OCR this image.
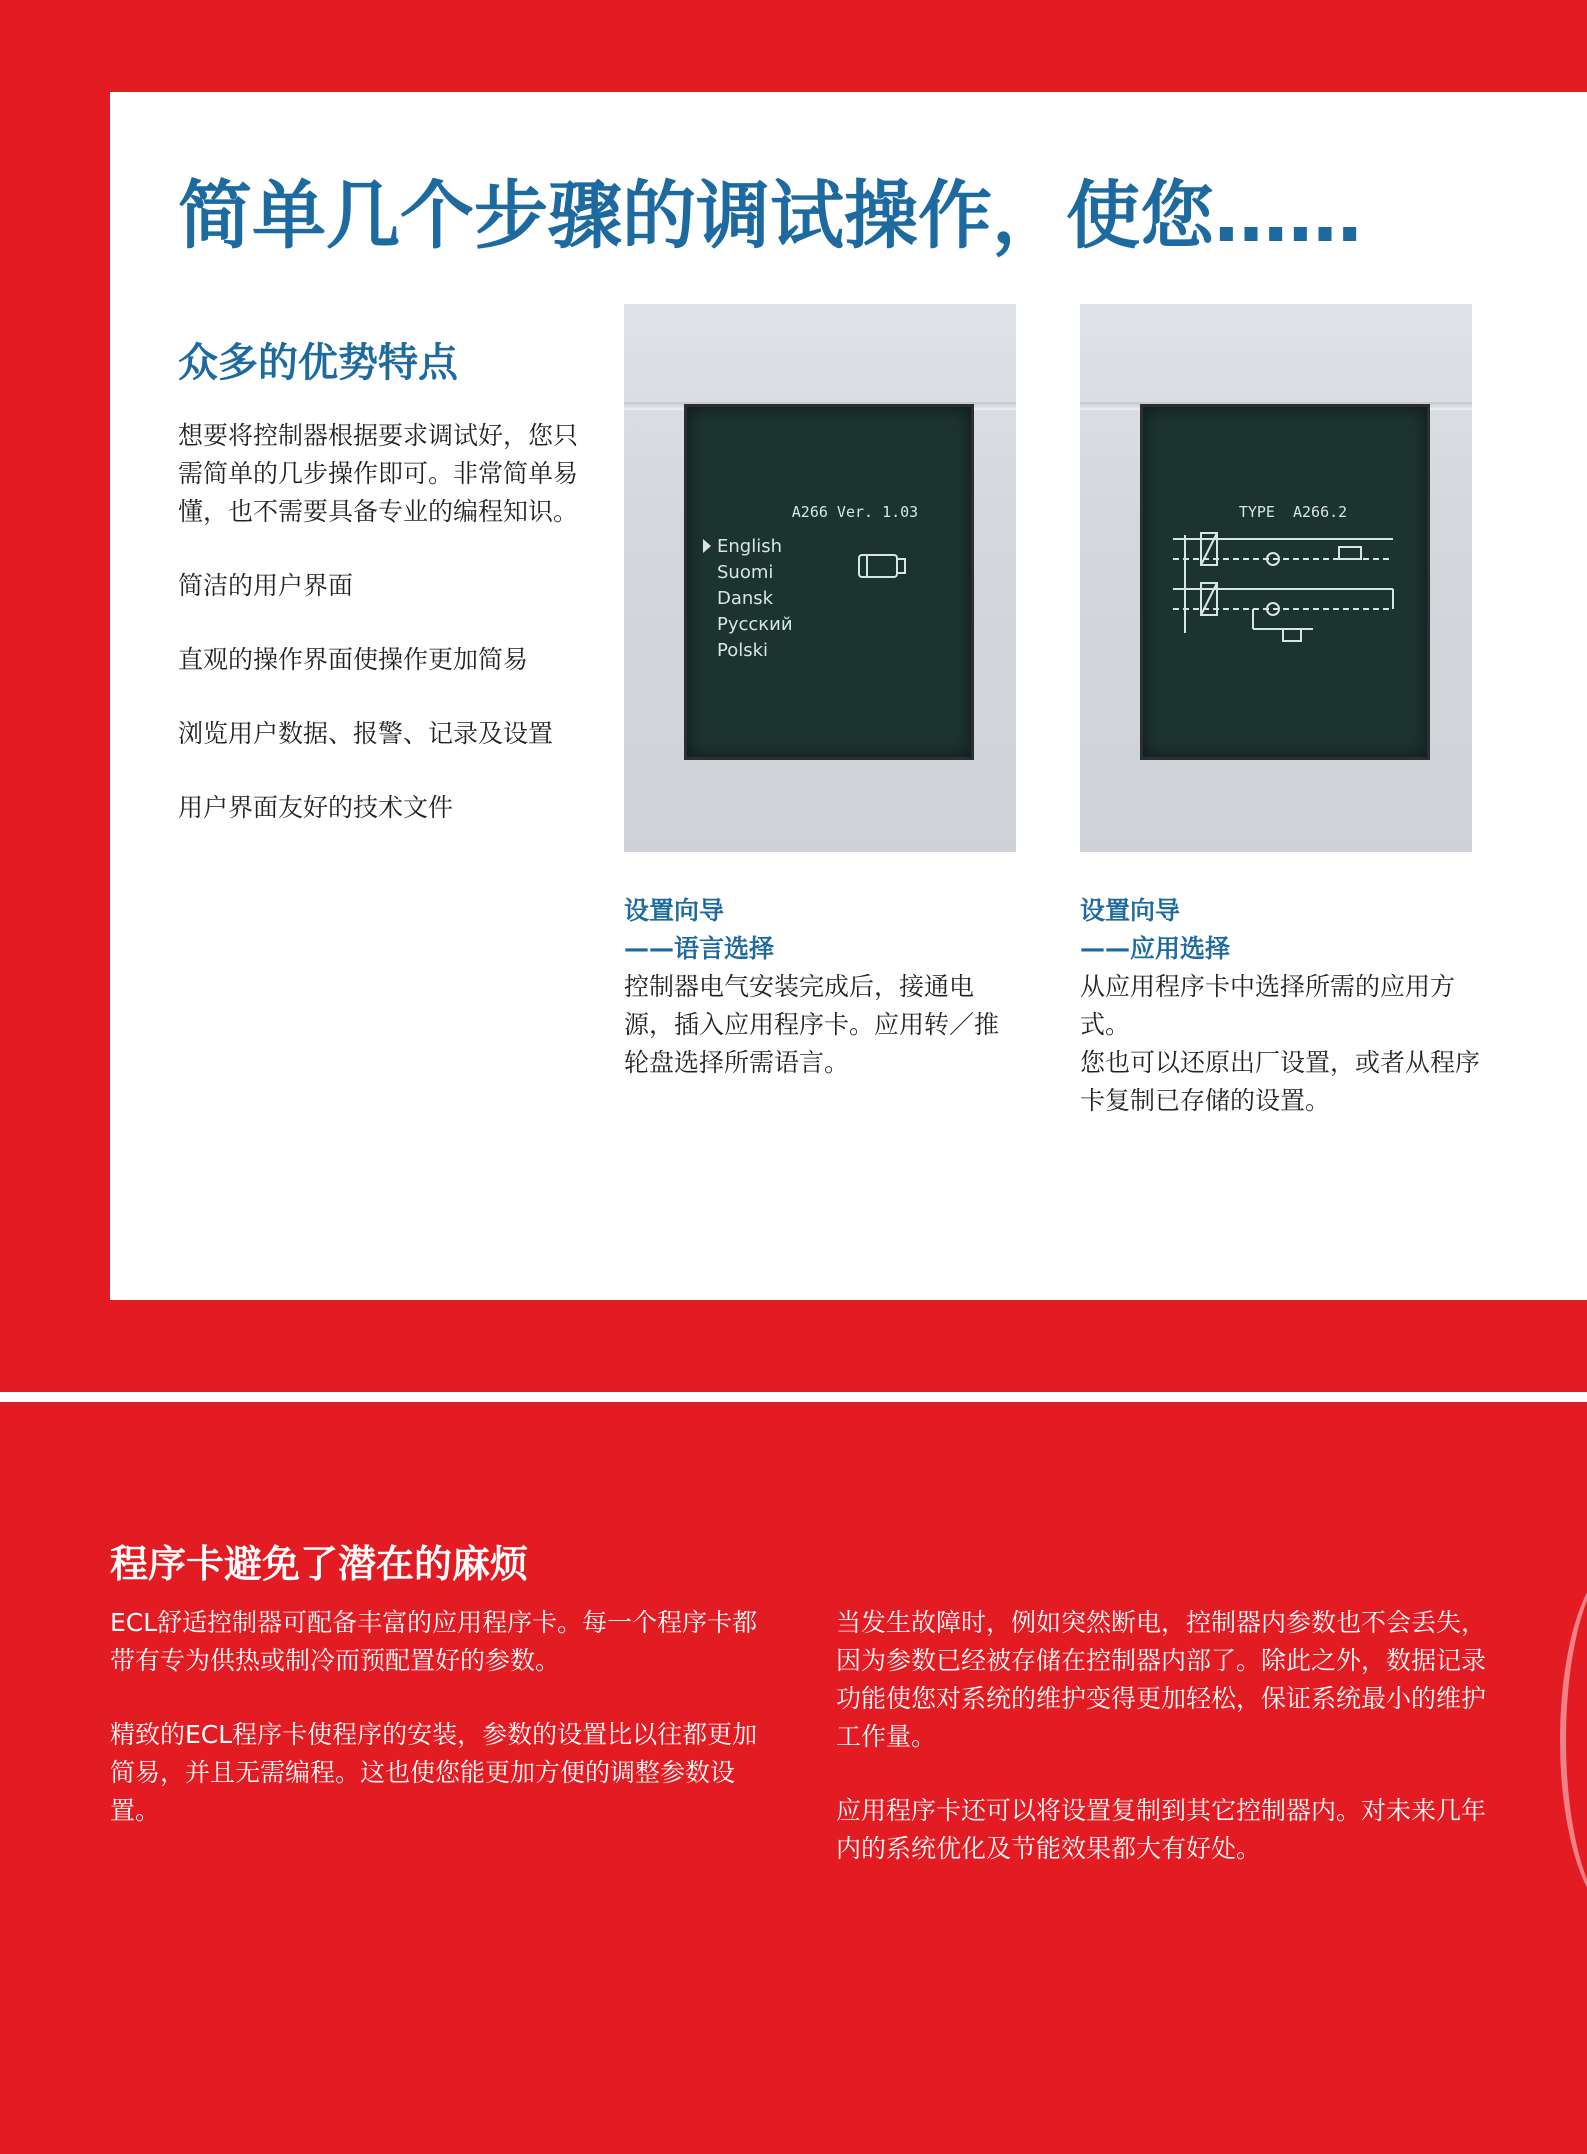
简单几个步骤的调试操作，使您……
众多的优势特点

想要将控制器根据要求调试好，您只需简单的几步操作即可。非常简单易懂，也不需要具备专业的编程知识。

简洁的用户界面

直观的操作界面使操作更加简易

浏览用户数据、报警、记录及设置

用户界面友好的技术文件

A266 Ver. 1.03
English
Suomi
Dansk
Русский
Polski

设置向导

——语言选择

控制器电气安装完成后，接通电源，插入应用程序卡。应用转／推轮盘选择所需语言。

TYPE  A266.2

设置向导

——应用选择

从应用程序卡中选择所需的应用方式。

您也可以还原出厂设置，或者从程序卡复制已存储的设置。

程序卡避免了潜在的麻烦

ECL舒适控制器可配备丰富的应用程序卡。每一个程序卡都带有专为供热或制冷而预配置好的参数。

精致的ECL程序卡使程序的安装，参数的设置比以往都更加简易，并且无需编程。这也使您能更加方便的调整参数设置。

当发生故障时，例如突然断电，控制器内参数也不会丢失，因为参数已经被存储在控制器内部了。除此之外，数据记录功能使您对系统的维护变得更加轻松，保证系统最小的维护工作量。

应用程序卡还可以将设置复制到其它控制器内。对未来几年内的系统优化及节能效果都大有好处。
